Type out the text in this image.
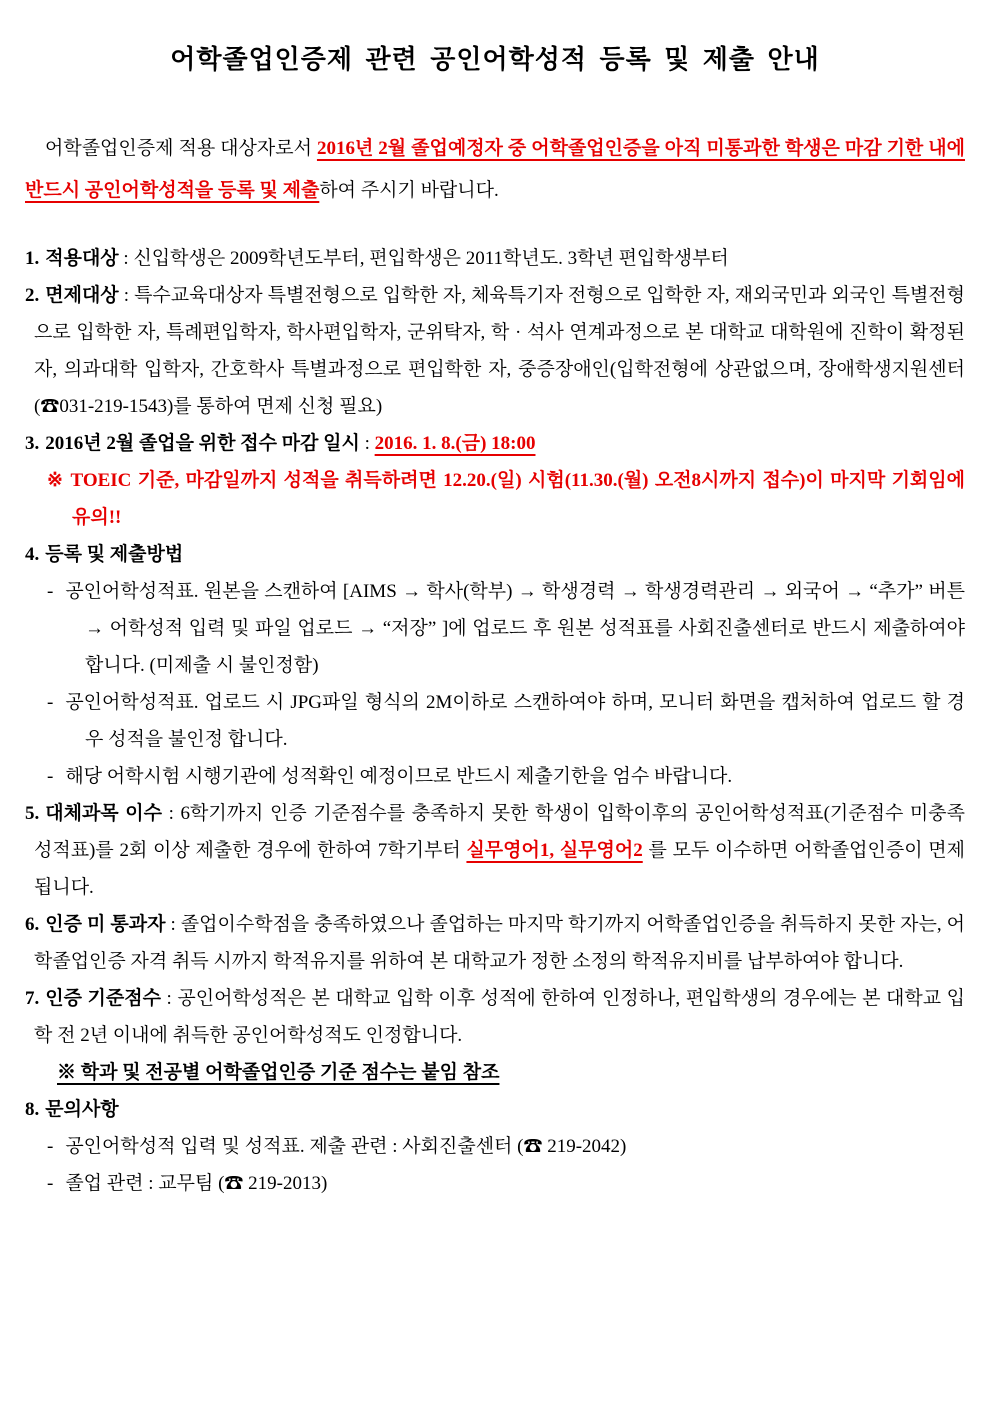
어학졸업인증제 관련 공인어학성적 등록 및 제출 안내

어학졸업인증제 적용 대상자로서 2016년 2월 졸업예정자 중 어학졸업인증을 아직 미통과한 학생은 마감 기한 내에 반드시 공인어학성적을 등록 및 제출하여 주시기 바랍니다.

1. 적용대상 : 신입학생은 2009학년도부터, 편입학생은 2011학년도. 3학년 편입학생부터
2. 면제대상 : 특수교육대상자 특별전형으로 입학한 자, 체육특기자 전형으로 입학한 자, 재외국민과 외국인 특별전형으로 입학한 자, 특례편입학자, 학사편입학자, 군위탁자, 학 · 석사 연계과정으로 본 대학교 대학원에 진학이 확정된 자, 의과대학 입학자, 간호학사 특별과정으로 편입학한 자, 중증장애인(입학전형에 상관없으며, 장애학생지원센터(☎031-219-1543)를 통하여 면제 신청 필요)
3. 2016년 2월 졸업을 위한 접수 마감 일시 : 2016. 1. 8.(금) 18:00
※ TOEIC 기준, 마감일까지 성적을 취득하려면 12.20.(일) 시험(11.30.(월) 오전8시까지 접수)이 마지막 기회임에 유의!!
4. 등록 및 제출방법
- 공인어학성적표. 원본을 스캔하여 [AIMS → 학사(학부) → 학생경력 → 학생경력관리 → 외국어 → “추가” 버튼 → 어학성적 입력 및 파일 업로드 → “저장” ]에 업로드 후 원본 성적표를 사회진출센터로 반드시 제출하여야 합니다. (미제출 시 불인정함)
- 공인어학성적표. 업로드 시 JPG파일 형식의 2M이하로 스캔하여야 하며, 모니터 화면을 캡처하여 업로드 할 경우 성적을 불인정 합니다.
- 해당 어학시험 시행기관에 성적확인 예정이므로 반드시 제출기한을 엄수 바랍니다.
5. 대체과목 이수 : 6학기까지 인증 기준점수를 충족하지 못한 학생이 입학이후의 공인어학성적표(기준점수 미충족 성적표)를 2회 이상 제출한 경우에 한하여 7학기부터 실무영어1, 실무영어2 를 모두 이수하면 어학졸업인증이 면제됩니다.
6. 인증 미 통과자 : 졸업이수학점을 충족하였으나 졸업하는 마지막 학기까지 어학졸업인증을 취득하지 못한 자는, 어학졸업인증 자격 취득 시까지 학적유지를 위하여 본 대학교가 정한 소정의 학적유지비를 납부하여야 합니다.
7. 인증 기준점수 : 공인어학성적은 본 대학교 입학 이후 성적에 한하여 인정하나, 편입학생의 경우에는 본 대학교 입학 전 2년 이내에 취득한 공인어학성적도 인정합니다.
※ 학과 및 전공별 어학졸업인증 기준 점수는 붙임 참조
8. 문의사항
- 공인어학성적 입력 및 성적표. 제출 관련 : 사회진출센터 (☎ 219-2042)
- 졸업 관련 : 교무팀 (☎ 219-2013)
